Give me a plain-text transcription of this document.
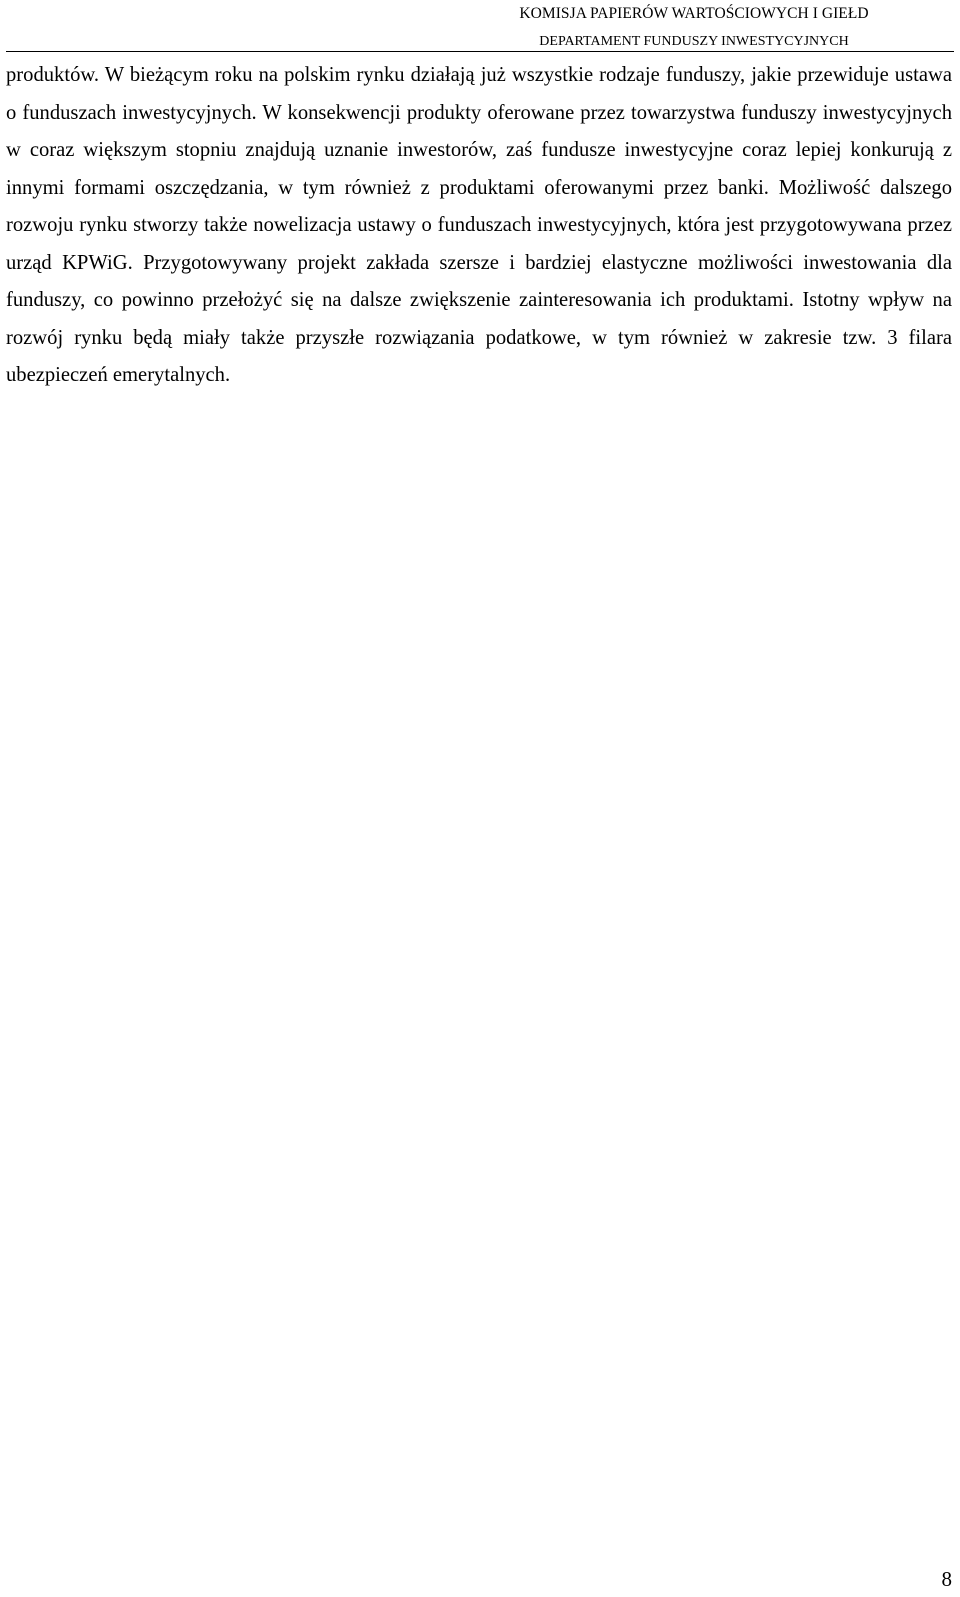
KOMISJA PAPIERÓW WARTOŚCIOWYCH I GIEŁD
DEPARTAMENT FUNDUSZY INWESTYCYJNYCH

produktów. W bieżącym roku na polskim rynku działają już wszystkie rodzaje funduszy, jakie przewiduje ustawa o funduszach inwestycyjnych. W konsekwencji produkty oferowane przez towarzystwa funduszy inwestycyjnych w coraz większym stopniu znajdują uznanie inwestorów, zaś fundusze inwestycyjne coraz lepiej konkurują z innymi formami oszczędzania, w tym również z produktami oferowanymi przez banki. Możliwość dalszego rozwoju rynku stworzy także nowelizacja ustawy o funduszach inwestycyjnych, która jest przygotowywana przez urząd KPWiG. Przygotowywany projekt zakłada szersze i bardziej elastyczne możliwości inwestowania dla funduszy, co powinno przełożyć się na dalsze zwiększenie zainteresowania ich produktami. Istotny wpływ na rozwój rynku będą miały także przyszłe rozwiązania podatkowe, w tym również w zakresie tzw. 3 filara ubezpieczeń emerytalnych.

8
